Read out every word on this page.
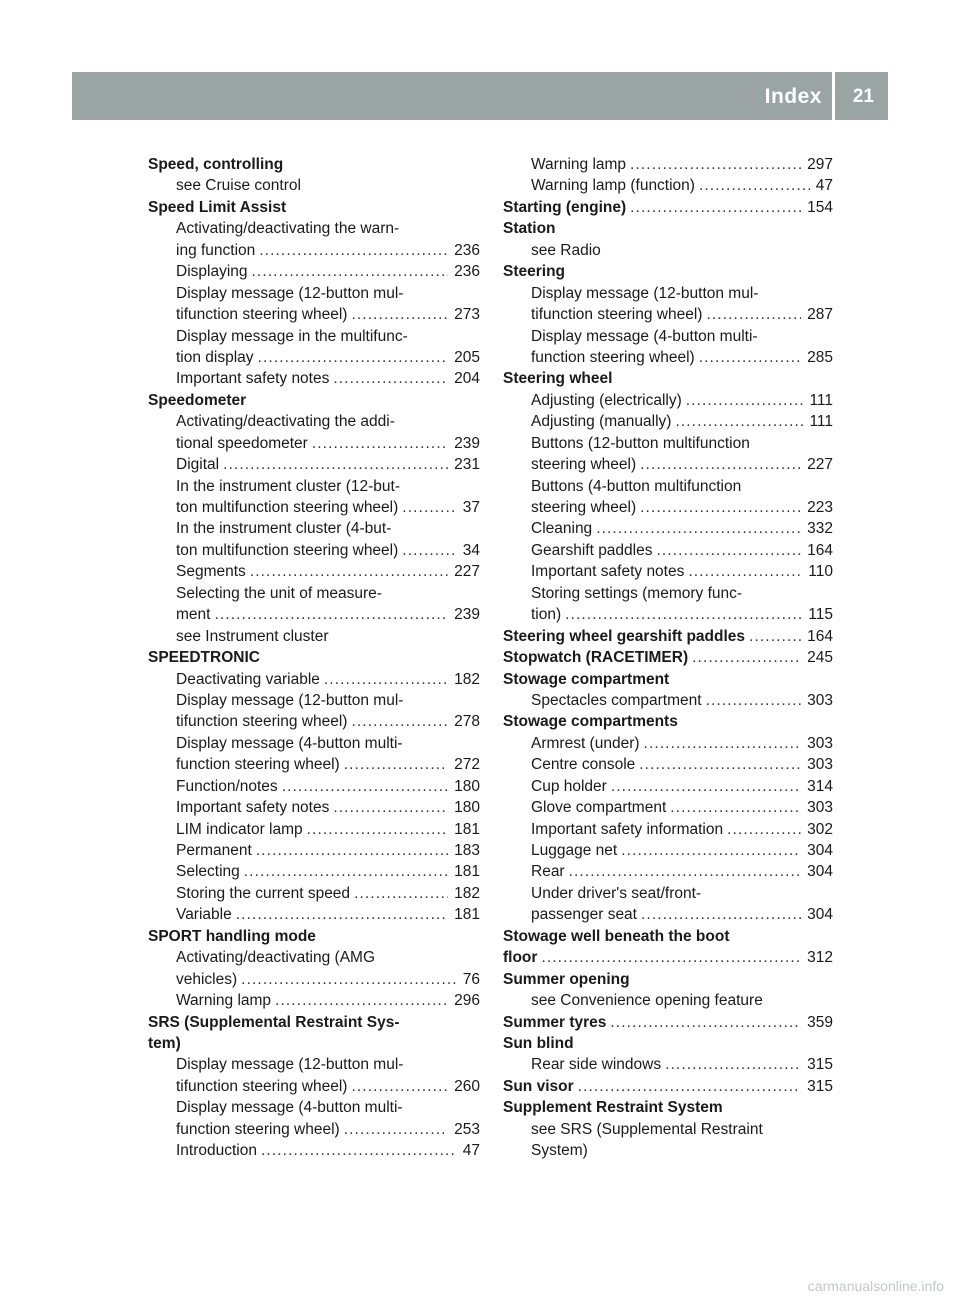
Index 21
Speed, controlling
see Cruise control
Speed Limit Assist
Activating/deactivating the warn-
ing function . . .	236
Displaying . . .	236
Display message (12-button mul-
tifunction steering wheel) . . .	273
Display message in the multifunc-
tion display . . .	205
Important safety notes . . .	204
Speedometer
Activating/deactivating the addi-
tional speedometer . . .	239
Digital . . .	231
In the instrument cluster (12-but-
ton multifunction steering wheel) . . .	37
In the instrument cluster (4-but-
ton multifunction steering wheel) . . .	34
Segments . . .	227
Selecting the unit of measure-
ment . . .	239
see Instrument cluster
SPEEDTRONIC
Deactivating variable . . .	182
Display message (12-button mul-
tifunction steering wheel) . . .	278
Display message (4-button multi-
function steering wheel) . . .	272
Function/notes . . .	180
Important safety notes . . .	180
LIM indicator lamp . . .	181
Permanent . . .	183
Selecting . . .	181
Storing the current speed . . .	182
Variable . . .	181
SPORT handling mode
Activating/deactivating (AMG
vehicles) . . .	76
Warning lamp . . .	296
SRS (Supplemental Restraint Sys-
tem)
Display message (12-button mul-
tifunction steering wheel) . . .	260
Display message (4-button multi-
function steering wheel) . . .	253
Introduction . . .	47
Warning lamp . . .	297
Warning lamp (function) . . .	47
Starting (engine) . . .	154
Station
see Radio
Steering
Display message (12-button mul-
tifunction steering wheel) . . .	287
Display message (4-button multi-
function steering wheel) . . .	285
Steering wheel
Adjusting (electrically) . . .	111
Adjusting (manually) . . .	111
Buttons (12-button multifunction
steering wheel) . . .	227
Buttons (4-button multifunction
steering wheel) . . .	223
Cleaning . . .	332
Gearshift paddles . . .	164
Important safety notes . . .	110
Storing settings (memory func-
tion) . . .	115
Steering wheel gearshift paddles . . .	164
Stopwatch (RACETIMER) . . .	245
Stowage compartment
Spectacles compartment . . .	303
Stowage compartments
Armrest (under) . . .	303
Centre console . . .	303
Cup holder . . .	314
Glove compartment . . .	303
Important safety information . . .	302
Luggage net . . .	304
Rear . . .	304
Under driver's seat/front-
passenger seat . . .	304
Stowage well beneath the boot
floor . . .	312
Summer opening
see Convenience opening feature
Summer tyres . . .	359
Sun blind
Rear side windows . . .	315
Sun visor . . .	315
Supplement Restraint System
see SRS (Supplemental Restraint
System)
carmanualsonline.info
